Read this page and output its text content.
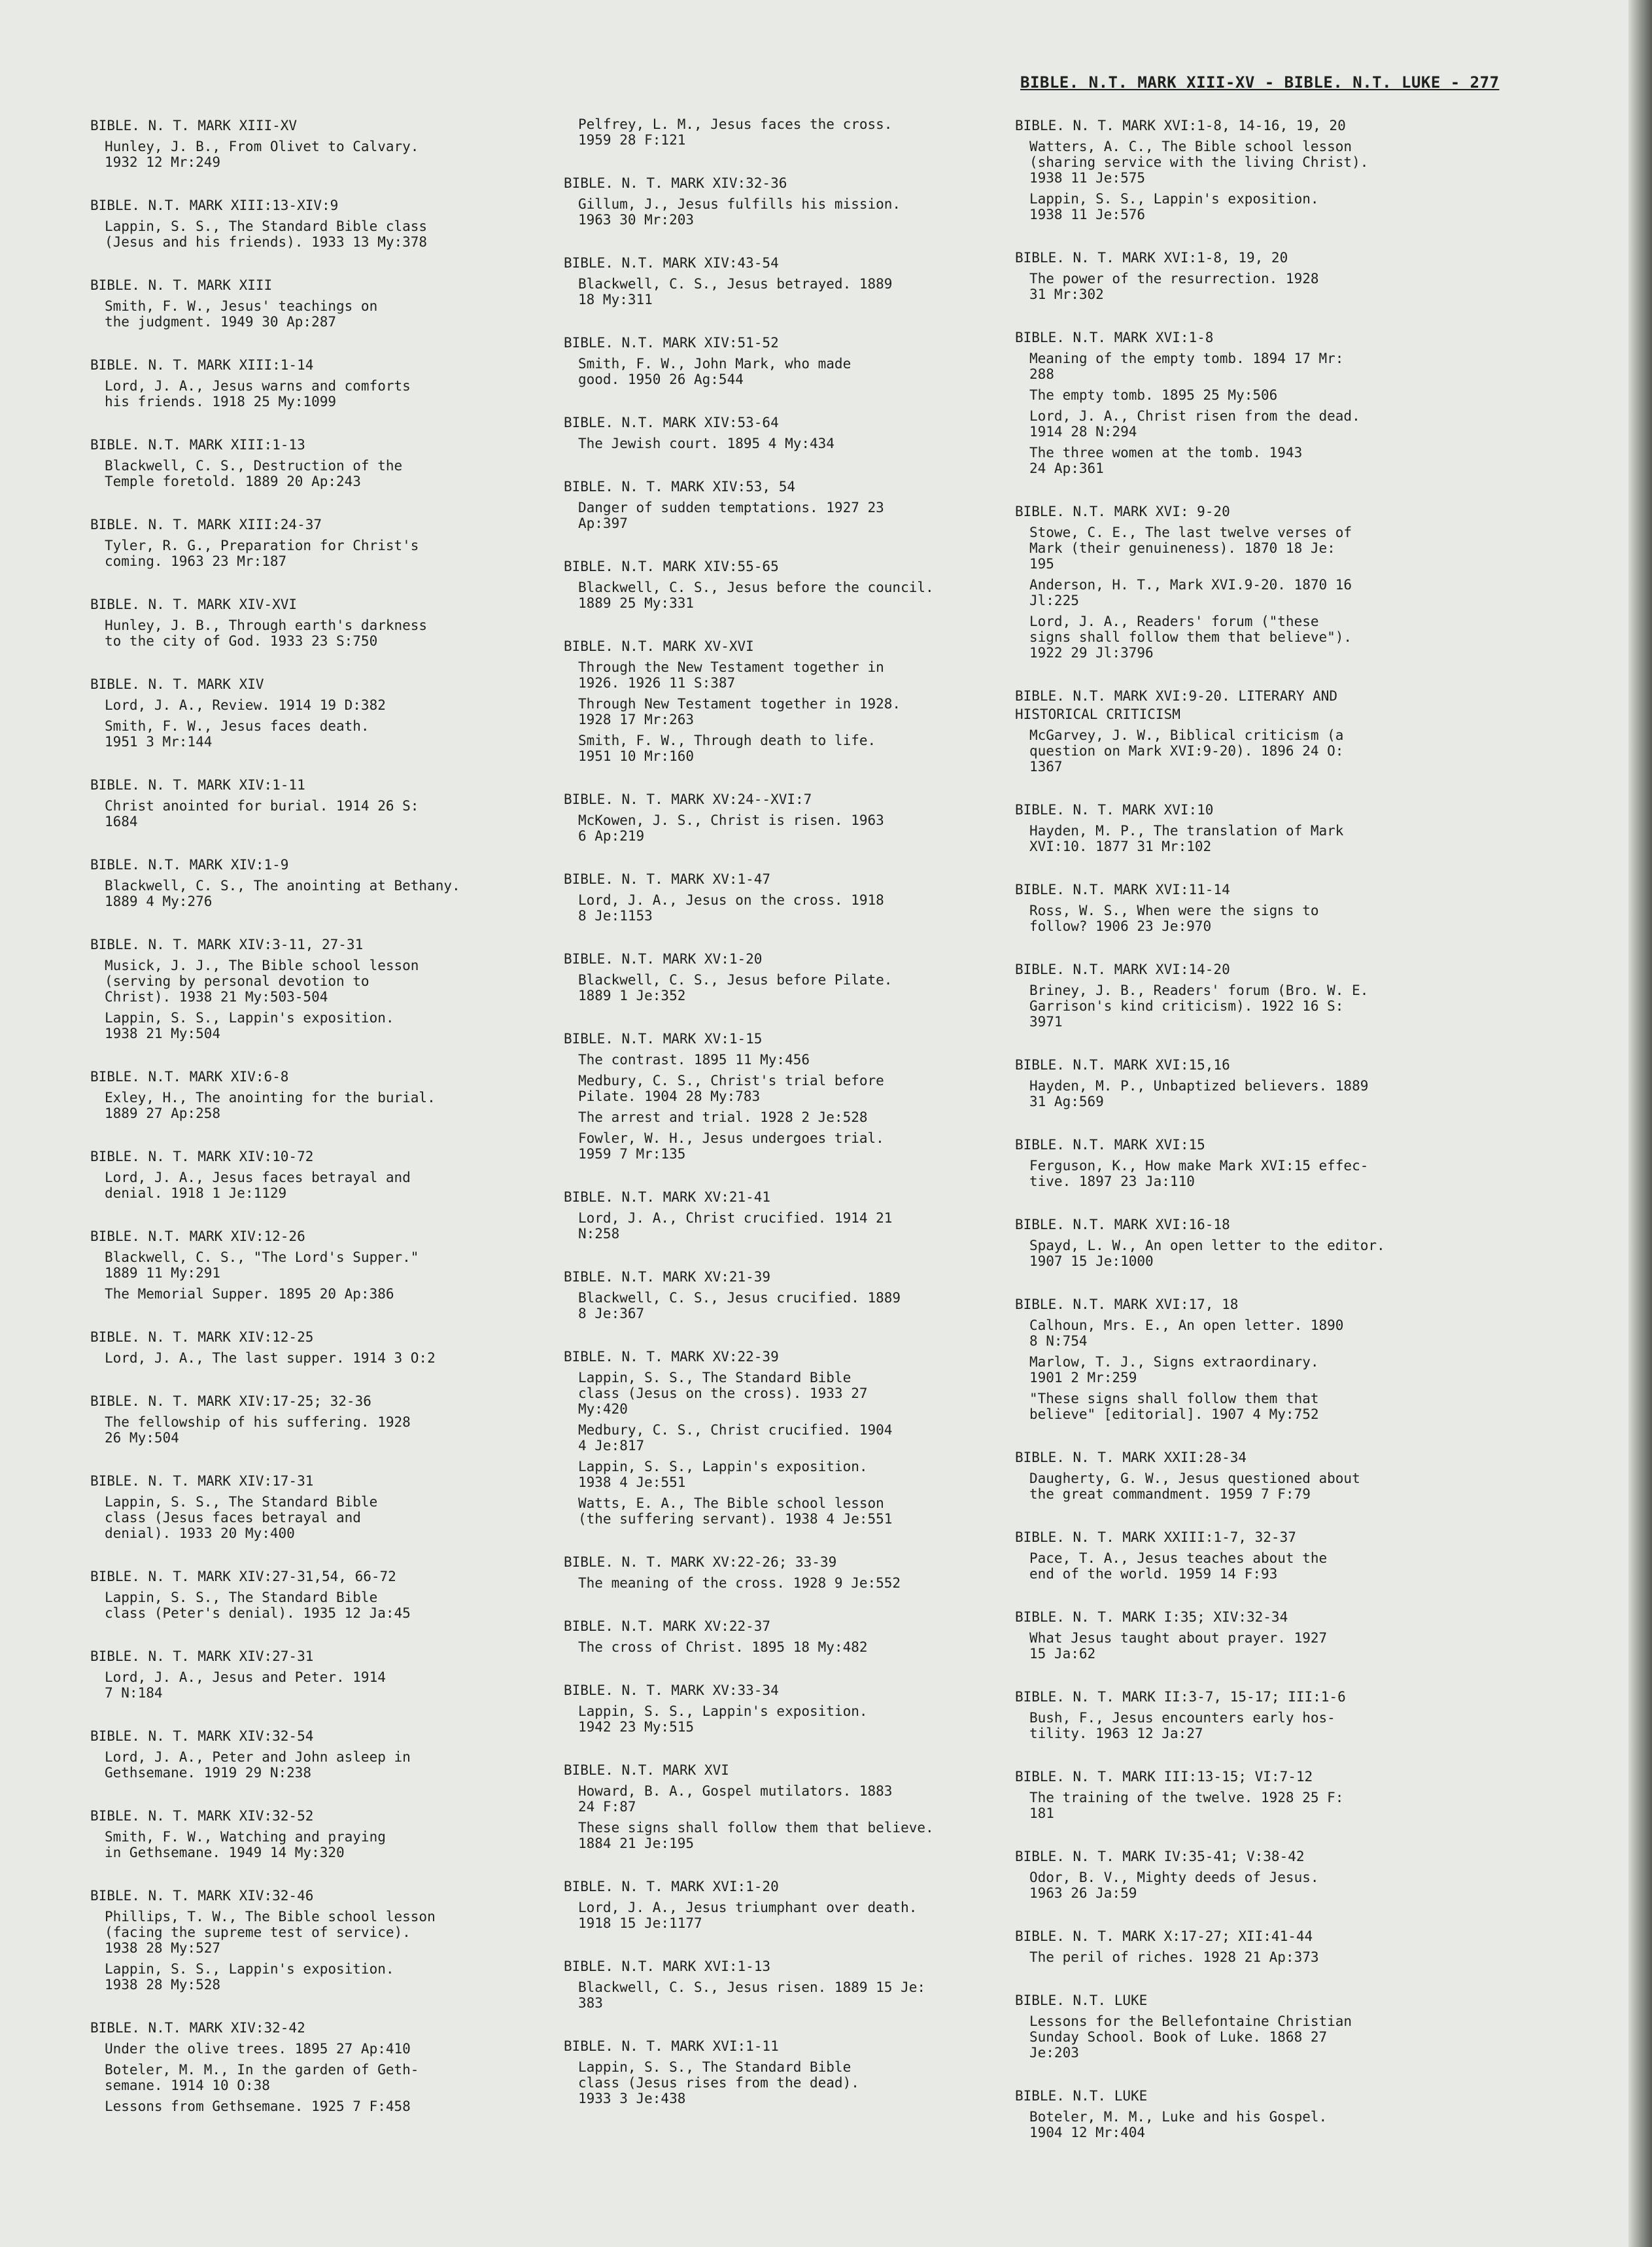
BIBLE. N.T. MARK XIII-XV - BIBLE. N.T. LUKE - 277
BIBLE. N. T. MARK XIII-XV
Hunley, J. B., From Olivet to Calvary.
1932 12 Mr:249
BIBLE. N.T. MARK XIII:13-XIV:9
Lappin, S. S., The Standard Bible class
(Jesus and his friends). 1933 13 My:378
BIBLE. N. T. MARK XIII
Smith, F. W., Jesus' teachings on
the judgment. 1949 30 Ap:287
BIBLE. N. T. MARK XIII:1-14
Lord, J. A., Jesus warns and comforts
his friends. 1918 25 My:1099
BIBLE. N.T. MARK XIII:1-13
Blackwell, C. S., Destruction of the
Temple foretold. 1889 20 Ap:243
BIBLE. N. T. MARK XIII:24-37
Tyler, R. G., Preparation for Christ's
coming. 1963 23 Mr:187
BIBLE. N. T. MARK XIV-XVI
Hunley, J. B., Through earth's darkness
to the city of God. 1933 23 S:750
BIBLE. N. T. MARK XIV
Lord, J. A., Review. 1914 19 D:382
Smith, F. W., Jesus faces death.
1951 3 Mr:144
BIBLE. N. T. MARK XIV:1-11
Christ anointed for burial. 1914 26 S:
1684
BIBLE. N.T. MARK XIV:1-9
Blackwell, C. S., The anointing at Bethany.
1889 4 My:276
BIBLE. N. T. MARK XIV:3-11, 27-31
Musick, J. J., The Bible school lesson
(serving by personal devotion to
Christ). 1938 21 My:503-504
Lappin, S. S., Lappin's exposition.
1938 21 My:504
BIBLE. N.T. MARK XIV:6-8
Exley, H., The anointing for the burial.
1889 27 Ap:258
BIBLE. N. T. MARK XIV:10-72
Lord, J. A., Jesus faces betrayal and
denial. 1918 1 Je:1129
BIBLE. N.T. MARK XIV:12-26
Blackwell, C. S., "The Lord's Supper."
1889 11 My:291
The Memorial Supper. 1895 20 Ap:386
BIBLE. N. T. MARK XIV:12-25
Lord, J. A., The last supper. 1914 3 O:2
BIBLE. N. T. MARK XIV:17-25; 32-36
The fellowship of his suffering. 1928
26 My:504
BIBLE. N. T. MARK XIV:17-31
Lappin, S. S., The Standard Bible
class (Jesus faces betrayal and
denial). 1933 20 My:400
BIBLE. N. T. MARK XIV:27-31,54, 66-72
Lappin, S. S., The Standard Bible
class (Peter's denial). 1935 12 Ja:45
BIBLE. N. T. MARK XIV:27-31
Lord, J. A., Jesus and Peter. 1914
7 N:184
BIBLE. N. T. MARK XIV:32-54
Lord, J. A., Peter and John asleep in
Gethsemane. 1919 29 N:238
BIBLE. N. T. MARK XIV:32-52
Smith, F. W., Watching and praying
in Gethsemane. 1949 14 My:320
BIBLE. N. T. MARK XIV:32-46
Phillips, T. W., The Bible school lesson
(facing the supreme test of service).
1938 28 My:527
Lappin, S. S., Lappin's exposition.
1938 28 My:528
BIBLE. N.T. MARK XIV:32-42
Under the olive trees. 1895 27 Ap:410
Boteler, M. M., In the garden of Geth-
semane. 1914 10 O:38
Lessons from Gethsemane. 1925 7 F:458
Pelfrey, L. M., Jesus faces the cross.
1959 28 F:121
BIBLE. N. T. MARK XIV:32-36
Gillum, J., Jesus fulfills his mission.
1963 30 Mr:203
BIBLE. N.T. MARK XIV:43-54
Blackwell, C. S., Jesus betrayed. 1889
18 My:311
BIBLE. N.T. MARK XIV:51-52
Smith, F. W., John Mark, who made
good. 1950 26 Ag:544
BIBLE. N.T. MARK XIV:53-64
The Jewish court. 1895 4 My:434
BIBLE. N. T. MARK XIV:53, 54
Danger of sudden temptations. 1927 23
Ap:397
BIBLE. N.T. MARK XIV:55-65
Blackwell, C. S., Jesus before the council.
1889 25 My:331
BIBLE. N.T. MARK XV-XVI
Through the New Testament together in
1926. 1926 11 S:387
Through New Testament together in 1928.
1928 17 Mr:263
Smith, F. W., Through death to life.
1951 10 Mr:160
BIBLE. N. T. MARK XV:24--XVI:7
McKowen, J. S., Christ is risen. 1963
6 Ap:219
BIBLE. N. T. MARK XV:1-47
Lord, J. A., Jesus on the cross. 1918
8 Je:1153
BIBLE. N.T. MARK XV:1-20
Blackwell, C. S., Jesus before Pilate.
1889 1 Je:352
BIBLE. N.T. MARK XV:1-15
The contrast. 1895 11 My:456
Medbury, C. S., Christ's trial before
Pilate. 1904 28 My:783
The arrest and trial. 1928 2 Je:528
Fowler, W. H., Jesus undergoes trial.
1959 7 Mr:135
BIBLE. N.T. MARK XV:21-41
Lord, J. A., Christ crucified. 1914 21
N:258
BIBLE. N.T. MARK XV:21-39
Blackwell, C. S., Jesus crucified. 1889
8 Je:367
BIBLE. N. T. MARK XV:22-39
Lappin, S. S., The Standard Bible
class (Jesus on the cross). 1933 27
My:420
Medbury, C. S., Christ crucified. 1904
4 Je:817
Lappin, S. S., Lappin's exposition.
1938 4 Je:551
Watts, E. A., The Bible school lesson
(the suffering servant). 1938 4 Je:551
BIBLE. N. T. MARK XV:22-26; 33-39
The meaning of the cross. 1928 9 Je:552
BIBLE. N.T. MARK XV:22-37
The cross of Christ. 1895 18 My:482
BIBLE. N. T. MARK XV:33-34
Lappin, S. S., Lappin's exposition.
1942 23 My:515
BIBLE. N.T. MARK XVI
Howard, B. A., Gospel mutilators. 1883
24 F:87
These signs shall follow them that believe.
1884 21 Je:195
BIBLE. N. T. MARK XVI:1-20
Lord, J. A., Jesus triumphant over death.
1918 15 Je:1177
BIBLE. N.T. MARK XVI:1-13
Blackwell, C. S., Jesus risen. 1889 15 Je:
383
BIBLE. N. T. MARK XVI:1-11
Lappin, S. S., The Standard Bible
class (Jesus rises from the dead).
1933 3 Je:438
BIBLE. N. T. MARK XVI:1-8, 14-16, 19, 20
Watters, A. C., The Bible school lesson
(sharing service with the living Christ).
1938 11 Je:575
Lappin, S. S., Lappin's exposition.
1938 11 Je:576
BIBLE. N. T. MARK XVI:1-8, 19, 20
The power of the resurrection. 1928
31 Mr:302
BIBLE. N.T. MARK XVI:1-8
Meaning of the empty tomb. 1894 17 Mr:
288
The empty tomb. 1895 25 My:506
Lord, J. A., Christ risen from the dead.
1914 28 N:294
The three women at the tomb. 1943
24 Ap:361
BIBLE. N.T. MARK XVI: 9-20
Stowe, C. E., The last twelve verses of
Mark (their genuineness). 1870 18 Je:
195
Anderson, H. T., Mark XVI.9-20. 1870 16
Jl:225
Lord, J. A., Readers' forum ("these
signs shall follow them that believe").
1922 29 Jl:3796
BIBLE. N.T. MARK XVI:9-20. LITERARY AND
HISTORICAL CRITICISM
McGarvey, J. W., Biblical criticism (a
question on Mark XVI:9-20). 1896 24 O:
1367
BIBLE. N. T. MARK XVI:10
Hayden, M. P., The translation of Mark
XVI:10. 1877 31 Mr:102
BIBLE. N.T. MARK XVI:11-14
Ross, W. S., When were the signs to
follow? 1906 23 Je:970
BIBLE. N.T. MARK XVI:14-20
Briney, J. B., Readers' forum (Bro. W. E.
Garrison's kind criticism). 1922 16 S:
3971
BIBLE. N.T. MARK XVI:15,16
Hayden, M. P., Unbaptized believers. 1889
31 Ag:569
BIBLE. N.T. MARK XVI:15
Ferguson, K., How make Mark XVI:15 effec-
tive. 1897 23 Ja:110
BIBLE. N.T. MARK XVI:16-18
Spayd, L. W., An open letter to the editor.
1907 15 Je:1000
BIBLE. N.T. MARK XVI:17, 18
Calhoun, Mrs. E., An open letter. 1890
8 N:754
Marlow, T. J., Signs extraordinary.
1901 2 Mr:259
"These signs shall follow them that
believe" [editorial]. 1907 4 My:752
BIBLE. N. T. MARK XXII:28-34
Daugherty, G. W., Jesus questioned about
the great commandment. 1959 7 F:79
BIBLE. N. T. MARK XXIII:1-7, 32-37
Pace, T. A., Jesus teaches about the
end of the world. 1959 14 F:93
BIBLE. N. T. MARK I:35; XIV:32-34
What Jesus taught about prayer. 1927
15 Ja:62
BIBLE. N. T. MARK II:3-7, 15-17; III:1-6
Bush, F., Jesus encounters early hos-
tility. 1963 12 Ja:27
BIBLE. N. T. MARK III:13-15; VI:7-12
The training of the twelve. 1928 25 F:
181
BIBLE. N. T. MARK IV:35-41; V:38-42
Odor, B. V., Mighty deeds of Jesus.
1963 26 Ja:59
BIBLE. N. T. MARK X:17-27; XII:41-44
The peril of riches. 1928 21 Ap:373
BIBLE. N.T. LUKE
Lessons for the Bellefontaine Christian
Sunday School. Book of Luke. 1868 27
Je:203
BIBLE. N.T. LUKE
Boteler, M. M., Luke and his Gospel.
1904 12 Mr:404
